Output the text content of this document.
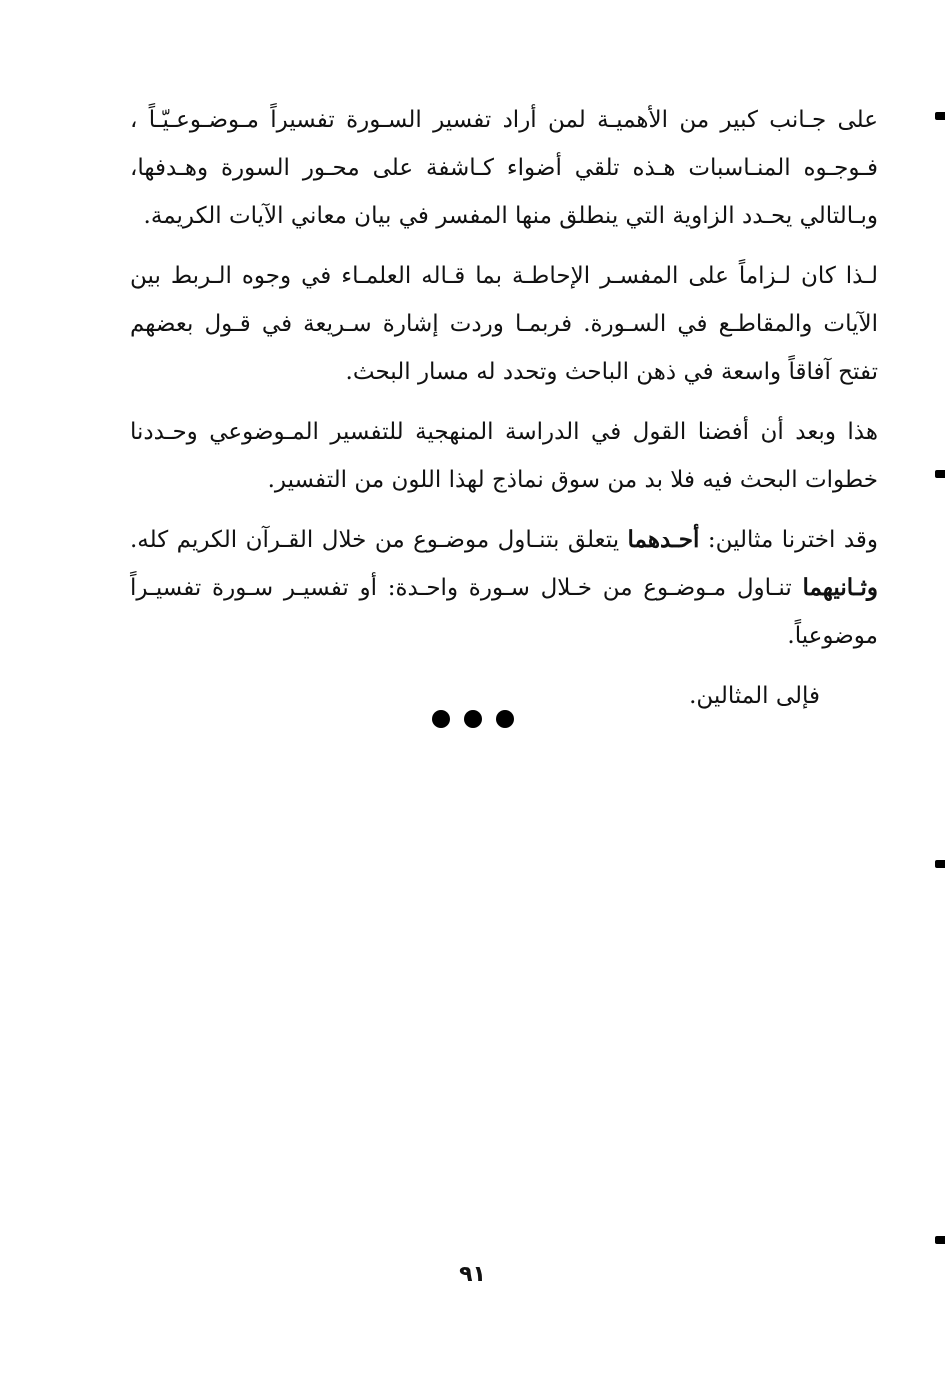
على جـانب كبير من الأهميـة لمن أراد تفسير السـورة تفسيراً مـوضـوعـيّـاً ، فـوجـوه المنـاسبات هـذه تلقي أضواء كـاشفة على محـور السورة وهـدفها، وبـالتالي يحـدد الزاوية التي ينطلق منها المفسر في بيان معاني الآيات الكريمة.

لـذا كان لـزاماً على المفسـر الإحاطـة بما قـاله العلمـاء في وجوه الـربط بين الآيات والمقاطـع في السـورة. فربمـا وردت إشارة سـريعة في قـول بعضهم تفتح آفاقاً واسعة في ذهن الباحث وتحدد له مسار البحث.

هذا وبعد أن أفضنا القول في الدراسة المنهجية للتفسير المـوضوعي وحـددنا خطوات البحث فيه فلا بد من سوق نماذج لهذا اللون من التفسير.

وقد اخترنا مثالين: أحـدهما يتعلق بتنـاول موضـوع من خلال القـرآن الكريم كله. وثـانيهما تنـاول مـوضـوع من خـلال سـورة واحـدة: أو تفسيـر سـورة تفسيـراً موضوعياً.

فإلى المثالين.

٩١
